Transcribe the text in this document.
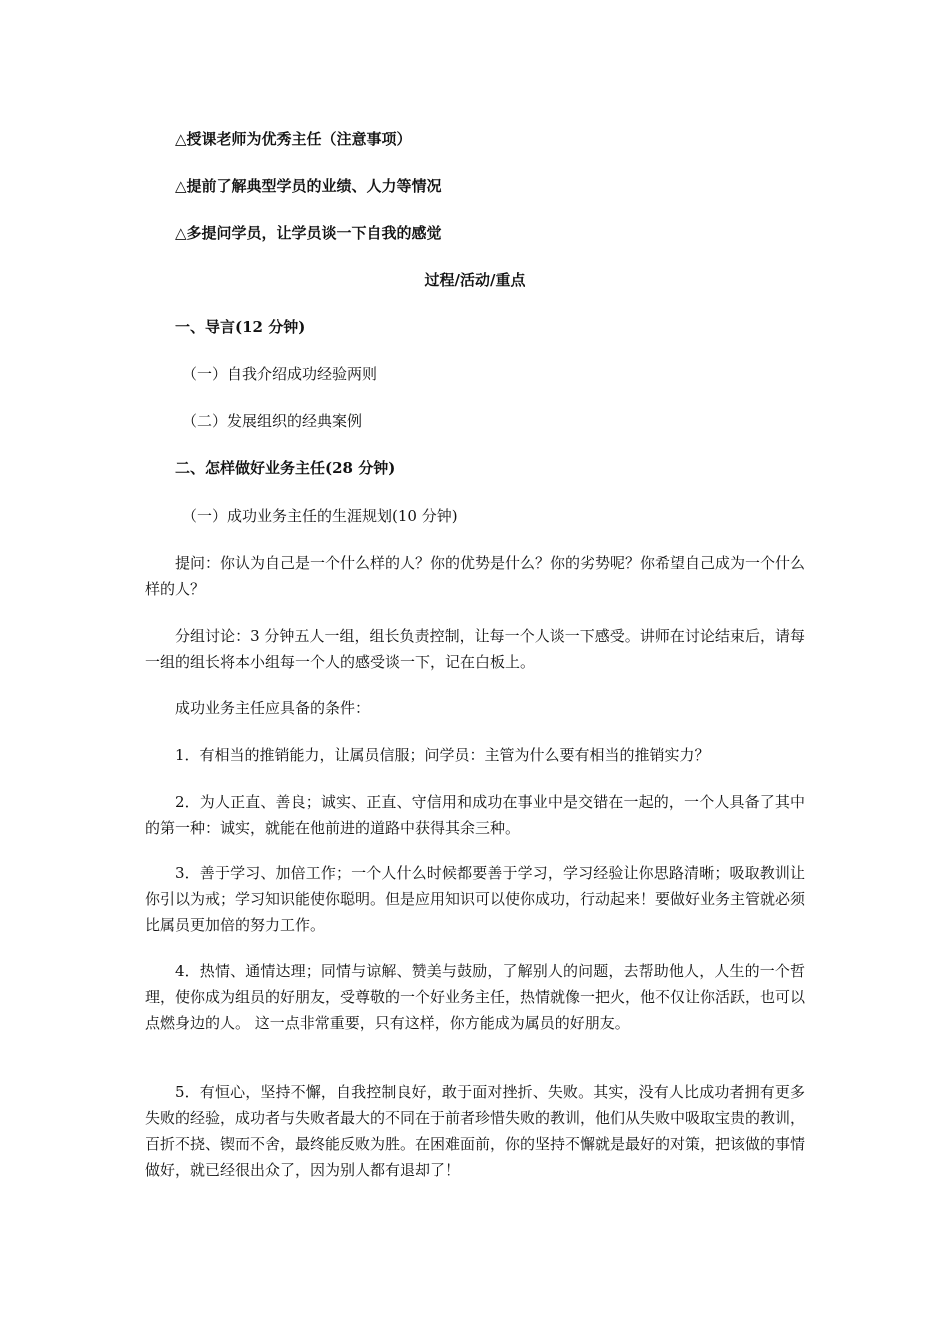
△授课老师为优秀主任（注意事项）
△提前了解典型学员的业绩、人力等情况
△多提问学员，让学员谈一下自我的感觉
过程/活动/重点
一、导言(12 分钟)
（一）自我介绍成功经验两则
（二）发展组织的经典案例
二、怎样做好业务主任(28 分钟)
（一）成功业务主任的生涯规划(10 分钟)

提问：你认为自己是一个什么样的人？你的优势是什么？你的劣势呢？你希望自己成为一个什么样的人？

分组讨论：3 分钟五人一组，组长负责控制，让每一个人谈一下感受。讲师在讨论结束后，请每一组的组长将本小组每一个人的感受谈一下，记在白板上。

成功业务主任应具备的条件：

1．有相当的推销能力，让属员信服；问学员：主管为什么要有相当的推销实力？

2．为人正直、善良；诚实、正直、守信用和成功在事业中是交错在一起的，一个人具备了其中的第一种：诚实，就能在他前进的道路中获得其余三种。

3．善于学习、加倍工作；一个人什么时候都要善于学习，学习经验让你思路清晰；吸取教训让你引以为戒；学习知识能使你聪明。但是应用知识可以使你成功，行动起来！要做好业务主管就必须比属员更加倍的努力工作。

4．热情、通情达理；同情与谅解、赞美与鼓励，了解别人的问题，去帮助他人，人生的一个哲理，使你成为组员的好朋友，受尊敬的一个好业务主任，热情就像一把火，他不仅让你活跃，也可以点燃身边的人。 这一点非常重要，只有这样，你方能成为属员的好朋友。

5．有恒心，坚持不懈，自我控制良好，敢于面对挫折、失败。其实，没有人比成功者拥有更多失败的经验，成功者与失败者最大的不同在于前者珍惜失败的教训，他们从失败中吸取宝贵的教训，百折不挠、锲而不舍，最终能反败为胜。在困难面前，你的坚持不懈就是最好的对策，把该做的事情做好，就已经很出众了，因为别人都有退却了！
